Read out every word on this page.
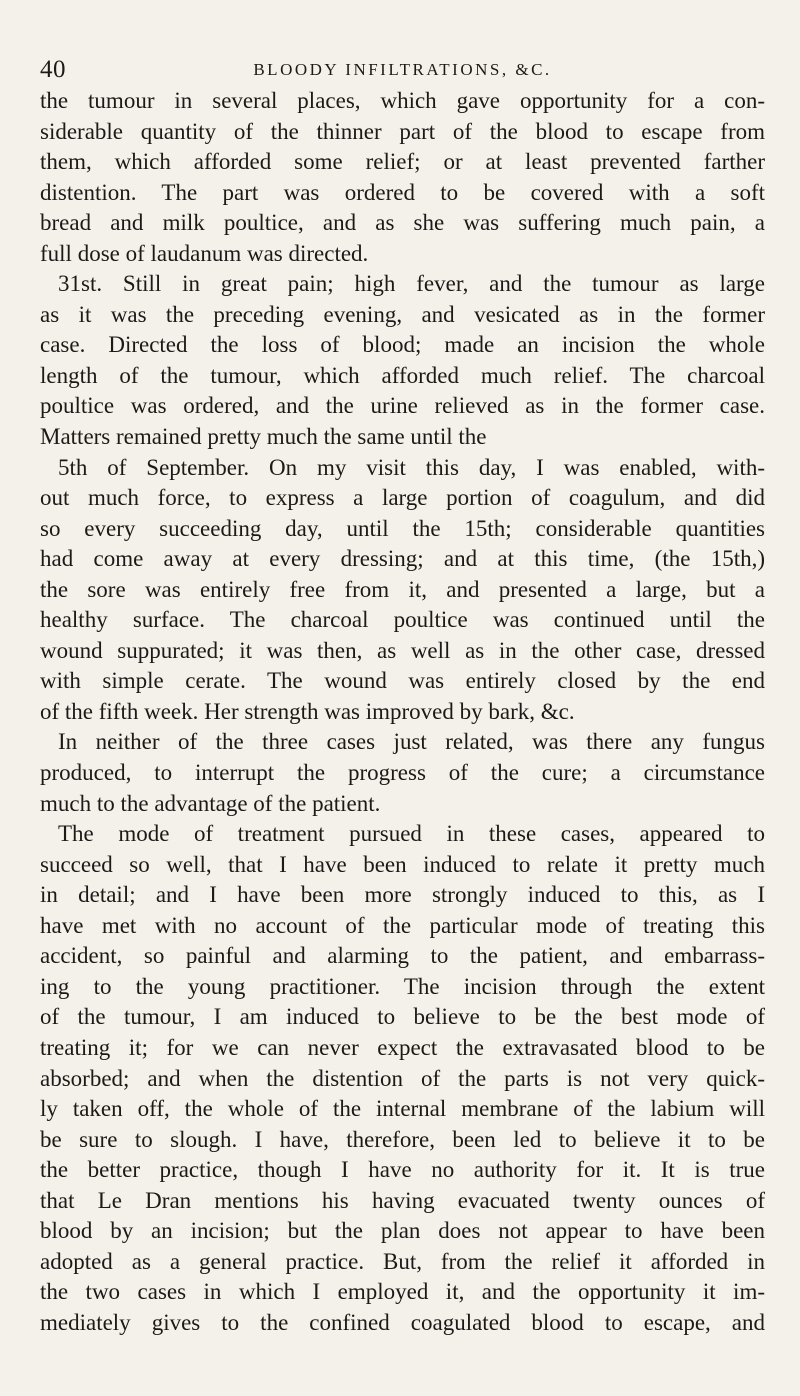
40	BLOODY INFILTRATIONS, &C.

the tumour in several places, which gave opportunity for a con-

siderable quantity of the thinner part of the blood to escape from

them, which afforded some relief; or at least prevented farther

distention. The part was ordered to be covered with a soft

bread and milk poultice, and as she was suffering much pain, a

full dose of laudanum was directed.

31st. Still in great pain; high fever, and the tumour as large

as it was the preceding evening, and vesicated as in the former

case. Directed the loss of blood; made an incision the whole

length of the tumour, which afforded much relief. The charcoal

poultice was ordered, and the urine relieved as in the former case.

Matters remained pretty much the same until the

5th of September. On my visit this day, I was enabled, with-

out much force, to express a large portion of coagulum, and did

so every succeeding day, until the 15th; considerable quantities

had come away at every dressing; and at this time, (the 15th,)

the sore was entirely free from it, and presented a large, but a

healthy surface. The charcoal poultice was continued until the

wound suppurated; it was then, as well as in the other case, dressed

with simple cerate. The wound was entirely closed by the end

of the fifth week. Her strength was improved by bark, &c.

In neither of the three cases just related, was there any fungus

produced, to interrupt the progress of the cure; a circumstance

much to the advantage of the patient.

The mode of treatment pursued in these cases, appeared to

succeed so well, that I have been induced to relate it pretty much

in detail; and I have been more strongly induced to this, as I

have met with no account of the particular mode of treating this

accident, so painful and alarming to the patient, and embarrass-

ing to the young practitioner. The incision through the extent

of the tumour, I am induced to believe to be the best mode of

treating it; for we can never expect the extravasated blood to be

absorbed; and when the distention of the parts is not very quick-

ly taken off, the whole of the internal membrane of the labium will

be sure to slough. I have, therefore, been led to believe it to be

the better practice, though I have no authority for it. It is true

that Le Dran mentions his having evacuated twenty ounces of

blood by an incision; but the plan does not appear to have been

adopted as a general practice. But, from the relief it afforded in

the two cases in which I employed it, and the opportunity it im-

mediately gives to the confined coagulated blood to escape, and
